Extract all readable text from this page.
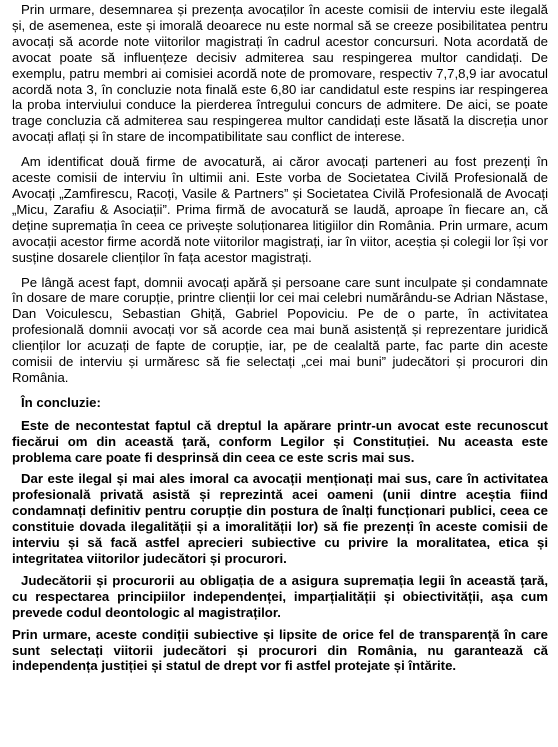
Prin urmare, desemnarea și prezența avocaților în aceste comisii de interviu este ilegală și, de asemenea, este și imorală deoarece nu este normal să se creeze posibilitatea pentru avocați să acorde note viitorilor magistrați în cadrul acestor concursuri. Nota acordată de avocat poate să influențeze decisiv admiterea sau respingerea multor candidați. De exemplu, patru membri ai comisiei acordă note de promovare, respectiv 7,7,8,9 iar avocatul acordă nota 3, în concluzie nota finală este 6,80 iar candidatul este respins iar respingerea la proba interviului conduce la pierderea întregului concurs de admitere. De aici, se poate trage concluzia că admiterea sau respingerea multor candidați este lăsată la discreția unor avocați aflați și în stare de incompatibilitate sau conflict de interese.

Am identificat două firme de avocatură, ai căror avocați parteneri au fost prezenți în aceste comisii de interviu în ultimii ani. Este vorba de Societatea Civilă Profesională de Avocați „Zamfirescu, Racoți, Vasile & Partners” și Societatea Civilă Profesională de Avocați „Micu, Zarafiu & Asociații”. Prima firmă de avocatură se laudă, aproape în fiecare an, că deține supremația în ceea ce privește soluționarea litigiilor din România. Prin urmare, acum avocații acestor firme acordă note viitorilor magistrați, iar în viitor, aceștia și colegii lor își vor susține dosarele clienților în fața acestor magistrați.

Pe lângă acest fapt, domnii avocați apără și persoane care sunt inculpate și condamnate în dosare de mare corupție, printre clienții lor cei mai celebri numărându-se Adrian Năstase, Dan Voiculescu, Sebastian Ghiță, Gabriel Popoviciu. Pe de o parte, în activitatea profesională domnii avocați vor să acorde cea mai bună asistență și reprezentare juridică clienților lor acuzați de fapte de corupție, iar, pe de cealaltă parte, fac parte din aceste comisii de interviu și urmăresc să fie selectați „cei mai buni” judecători și procurori din România.

În concluzie:

Este de necontestat faptul că dreptul la apărare printr-un avocat este recunoscut fiecărui om din această țară, conform Legilor și Constituției. Nu aceasta este problema care poate fi desprinsă din ceea ce este scris mai sus.

Dar este ilegal și mai ales imoral ca avocații menționați mai sus, care în activitatea profesională privată asistă și reprezintă acei oameni (unii dintre aceștia fiind condamnați definitiv pentru corupție din postura de înalți funcționari publici, ceea ce constituie dovada ilegalității și a imoralității lor) să fie prezenți în aceste comisii de interviu și să facă astfel aprecieri subiective cu privire la moralitatea, etica și integritatea viitorilor judecători și procurori.

Judecătorii și procurorii au obligația de a asigura supremația legii în această țară, cu respectarea principiilor independenței, imparțialității și obiectivității, așa cum prevede codul deontologic al magistraților.

Prin urmare, aceste condiții subiective și lipsite de orice fel de transparență în care sunt selectați viitorii judecători și procurori din România, nu garantează că independența justiției și statul de drept vor fi astfel protejate și întărite.
